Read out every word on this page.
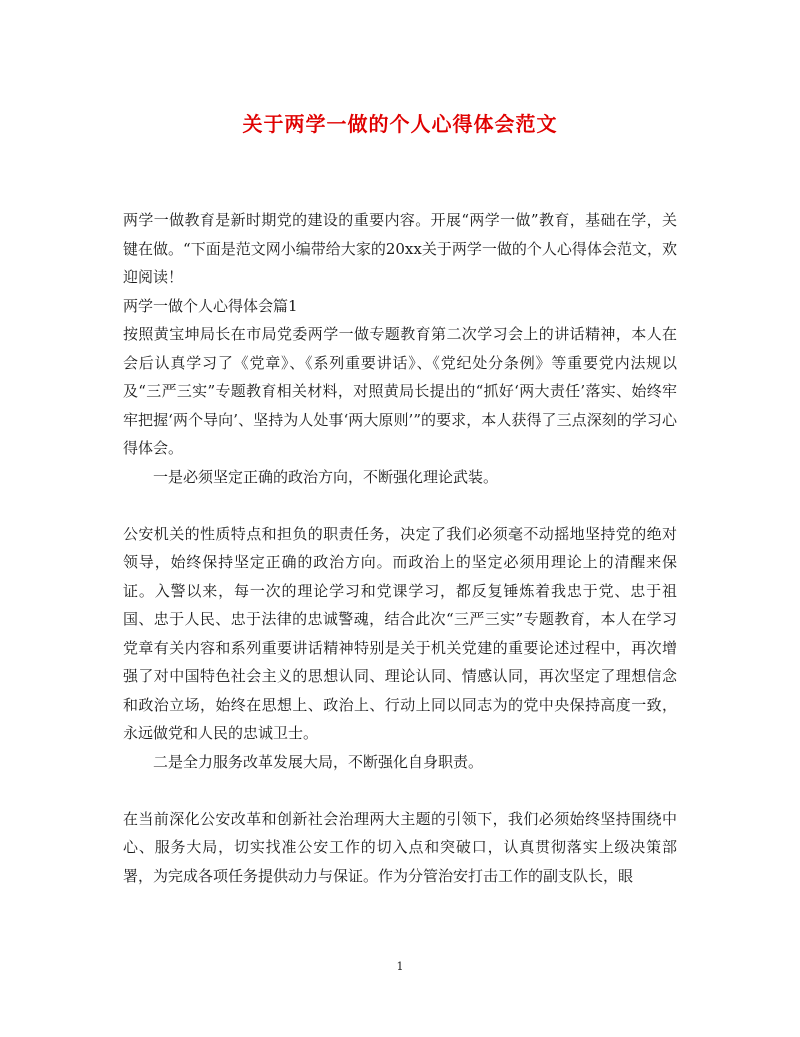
关于两学一做的个人心得体会范文

两学一做教育是新时期党的建设的重要内容。开展“两学一做”教育，基础在学，关键在做。“下面是范文网小编带给大家的20xx关于两学一做的个人心得体会范文，欢迎阅读！

两学一做个人心得体会篇1

按照黄宝坤局长在市局党委两学一做专题教育第二次学习会上的讲话精神，本人在会后认真学习了《党章》、《系列重要讲话》、《党纪处分条例》等重要党内法规以及“三严三实”专题教育相关材料，对照黄局长提出的“抓好‘两大责任’落实、始终牢牢把握‘两个导向’、坚持为人处事‘两大原则’”的要求，本人获得了三点深刻的学习心得体会。

一是必须坚定正确的政治方向，不断强化理论武装。

公安机关的性质特点和担负的职责任务，决定了我们必须毫不动摇地坚持党的绝对领导，始终保持坚定正确的政治方向。而政治上的坚定必须用理论上的清醒来保证。入警以来，每一次的理论学习和党课学习，都反复锤炼着我忠于党、忠于祖国、忠于人民、忠于法律的忠诚警魂，结合此次“三严三实”专题教育，本人在学习党章有关内容和系列重要讲话精神特别是关于机关党建的重要论述过程中，再次增强了对中国特色社会主义的思想认同、理论认同、情感认同，再次坚定了理想信念和政治立场，始终在思想上、政治上、行动上同以同志为的党中央保持高度一致，永远做党和人民的忠诚卫士。

二是全力服务改革发展大局，不断强化自身职责。

在当前深化公安改革和创新社会治理两大主题的引领下，我们必须始终坚持围绕中心、服务大局，切实找准公安工作的切入点和突破口，认真贯彻落实上级决策部署，为完成各项任务提供动力与保证。作为分管治安打击工作的副支队长，眼

1
